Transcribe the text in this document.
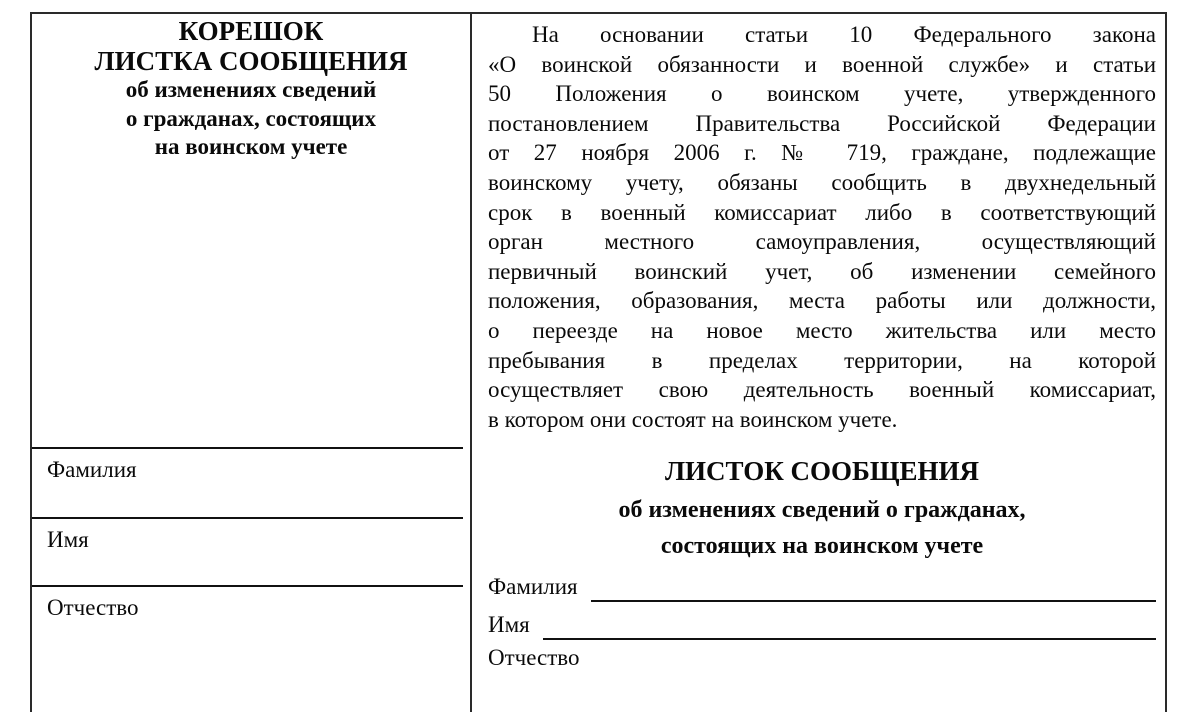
КОРЕШОК
ЛИСТКА СООБЩЕНИЯ
об изменениях сведений
о гражданах, состоящих
на воинском учете
Фамилия
Имя
Отчество
На основании статьи 10 Федерального закона
«О воинской обязанности и военной службе» и статьи
50 Положения о воинском учете, утвержденного
постановлением Правительства Российской Федерации
от 27 ноября 2006 г. № 719, граждане, подлежащие
воинскому учету, обязаны сообщить в двухнедельный
срок в военный комиссариат либо в соответствующий
орган местного самоуправления, осуществляющий
первичный воинский учет, об изменении семейного
положения, образования, места работы или должности,
о переезде на новое место жительства или место
пребывания в пределах территории, на которой
осуществляет свою деятельность военный комиссариат,
в котором они состоят на воинском учете.
ЛИСТОК СООБЩЕНИЯ
об изменениях сведений о гражданах,
состоящих на воинском учете
Фамилия
Имя
Отчество
